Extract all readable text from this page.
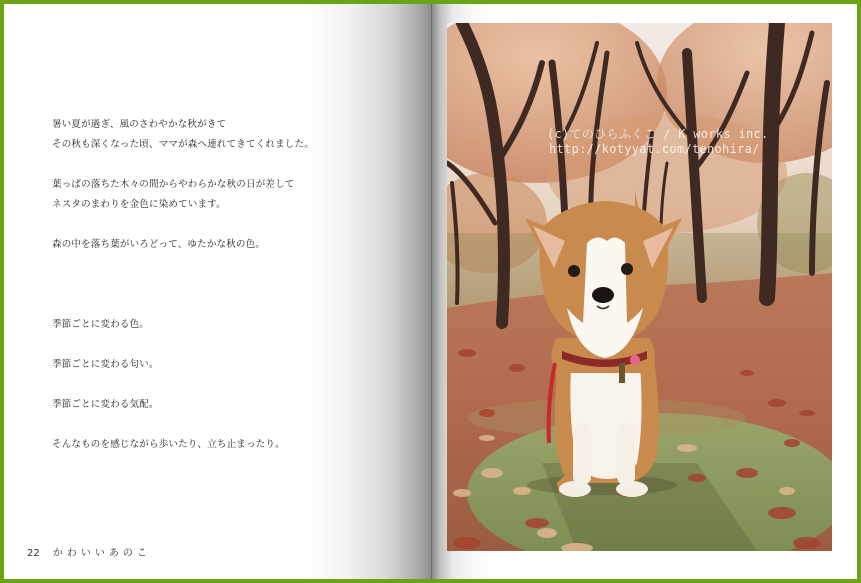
暑い夏が過ぎ、風のさわやかな秋がきて
その秋も深くなった頃、ママが森へ連れてきてくれました。
葉っぱの落ちた木々の間からやわらかな秋の日が差して
ネスタのまわりを金色に染めています。
森の中を落ち葉がいろどって、ゆたかな秋の色。
季節ごとに変わる色。
季節ごとに変わる匂い。
季節ごとに変わる気配。
そんなものを感じながら歩いたり、立ち止まったり。
22 かわいいあのこ
(c)てのひらふくこ / K works inc.
http://kotyyat.com/tenohira/
